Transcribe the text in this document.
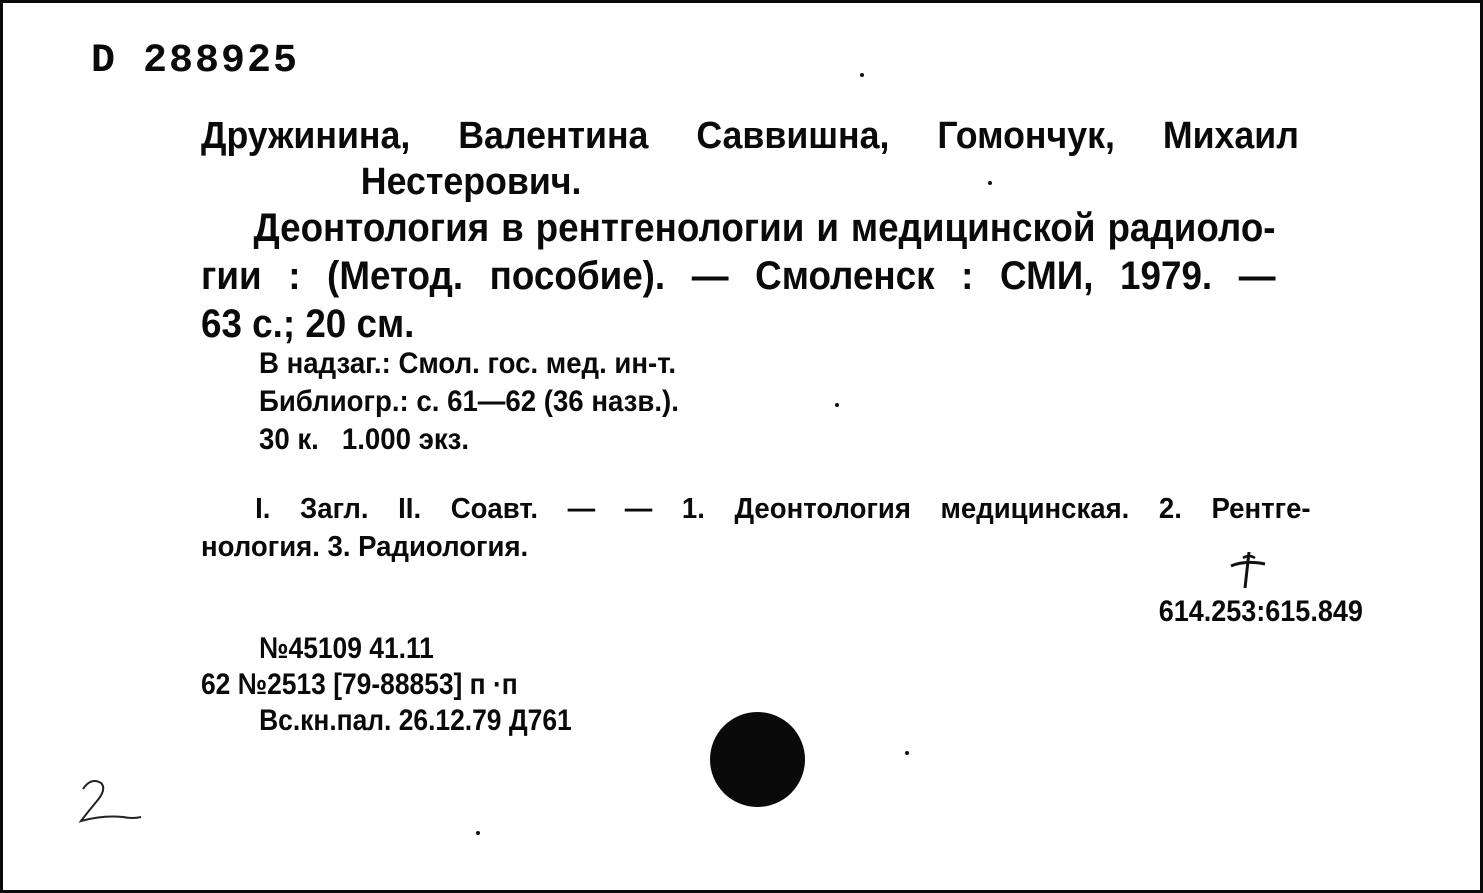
D 288925
Дружинина, Валентина Саввишна, Гомончук, Михаил
Нестерович.
Деонтология в рентгенологии и медицинской радиоло-
гии : (Метод. пособие). — Смоленск : СМИ, 1979. —
63 с.; 20 см.
В надзаг.: Смол. гос. мед. ин-т.
Библиогр.: с. 61—62 (36 назв.).
30 к.   1.000 экз.
I. Загл. II. Соавт. — — 1. Деонтология медицинская. 2. Рентге-
нология. 3. Радиология.
614.253:615.849
№45109 41.11
62 №2513 [79-88853] п ·п
Вс.кн.пал. 26.12.79 Д761
